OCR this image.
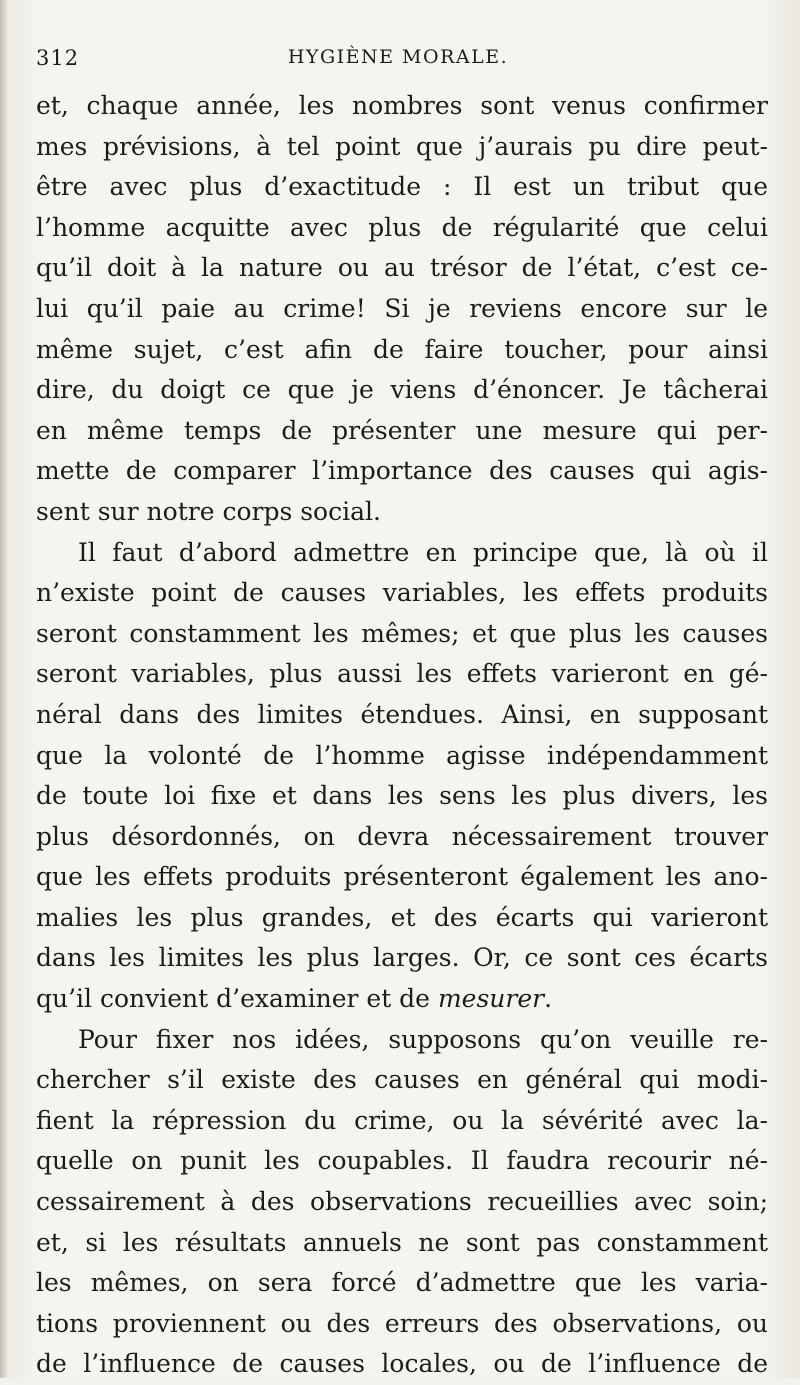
312	HYGIÈNE MORALE.
et, chaque année, les nombres sont venus confirmer
mes prévisions, à tel point que j’aurais pu dire peut-
être avec plus d’exactitude : Il est un tribut que
l’homme acquitte avec plus de régularité que celui
qu’il doit à la nature ou au trésor de l’état, c’est ce-
lui qu’il paie au crime! Si je reviens encore sur le
même sujet, c’est afin de faire toucher, pour ainsi
dire, du doigt ce que je viens d’énoncer. Je tâcherai
en même temps de présenter une mesure qui per-
mette de comparer l’importance des causes qui agis-
sent sur notre corps social.
Il faut d’abord admettre en principe que, là où il
n’existe point de causes variables, les effets produits
seront constamment les mêmes; et que plus les causes
seront variables, plus aussi les effets varieront en gé-
néral dans des limites étendues. Ainsi, en supposant
que la volonté de l’homme agisse indépendamment
de toute loi fixe et dans les sens les plus divers, les
plus désordonnés, on devra nécessairement trouver
que les effets produits présenteront également les ano-
malies les plus grandes, et des écarts qui varieront
dans les limites les plus larges. Or, ce sont ces écarts
qu’il convient d’examiner et de mesurer.
Pour fixer nos idées, supposons qu’on veuille re-
chercher s’il existe des causes en général qui modi-
fient la répression du crime, ou la sévérité avec la-
quelle on punit les coupables. Il faudra recourir né-
cessairement à des observations recueillies avec soin;
et, si les résultats annuels ne sont pas constamment
les mêmes, on sera forcé d’admettre que les varia-
tions proviennent ou des erreurs des observations, ou
de l’influence de causes locales, ou de l’influence de
